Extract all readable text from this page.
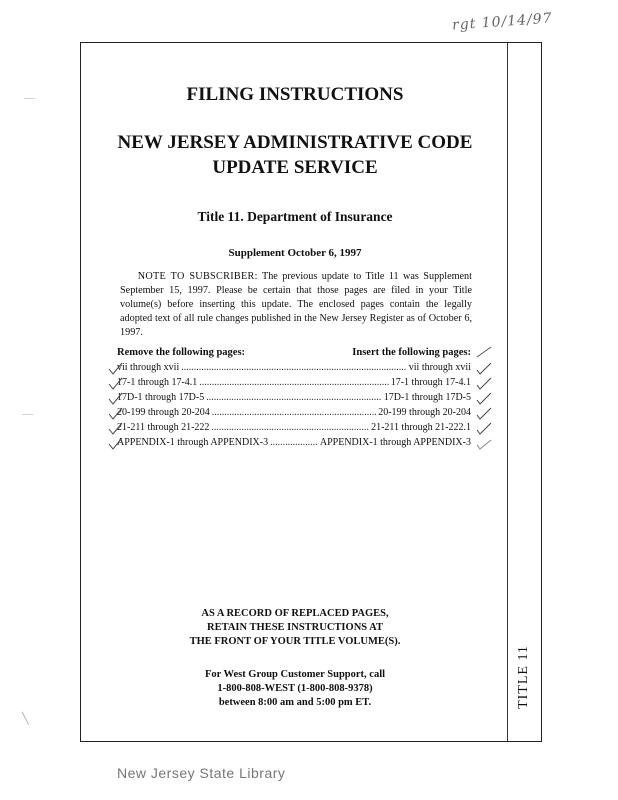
rgt 10/14/97
FILING INSTRUCTIONS
NEW JERSEY ADMINISTRATIVE CODE
UPDATE SERVICE
Title 11. Department of Insurance
Supplement October 6, 1997
NOTE TO SUBSCRIBER: The previous update to Title 11 was Supplement September 15, 1997. Please be certain that those pages are filed in your Title volume(s) before inserting this update. The enclosed pages contain the legally adopted text of all rule changes published in the New Jersey Register as of October 6, 1997.
Remove the following pages:	Insert the following pages:
vii through xvii .....	vii through xvii
17-1 through 17-4.1 .....	17-1 through 17-4.1
17D-1 through 17D-5 .....	17D-1 through 17D-5
20-199 through 20-204 .....	20-199 through 20-204
21-211 through 21-222 .....	21-211 through 21-222.1
APPENDIX-1 through APPENDIX-3 .....	APPENDIX-1 through APPENDIX-3
AS A RECORD OF REPLACED PAGES,
RETAIN THESE INSTRUCTIONS AT
THE FRONT OF YOUR TITLE VOLUME(S).
For West Group Customer Support, call
1-800-808-WEST (1-800-808-9378)
between 8:00 am and 5:00 pm ET.	TITLE 11
—
—
╲
New Jersey State Library
